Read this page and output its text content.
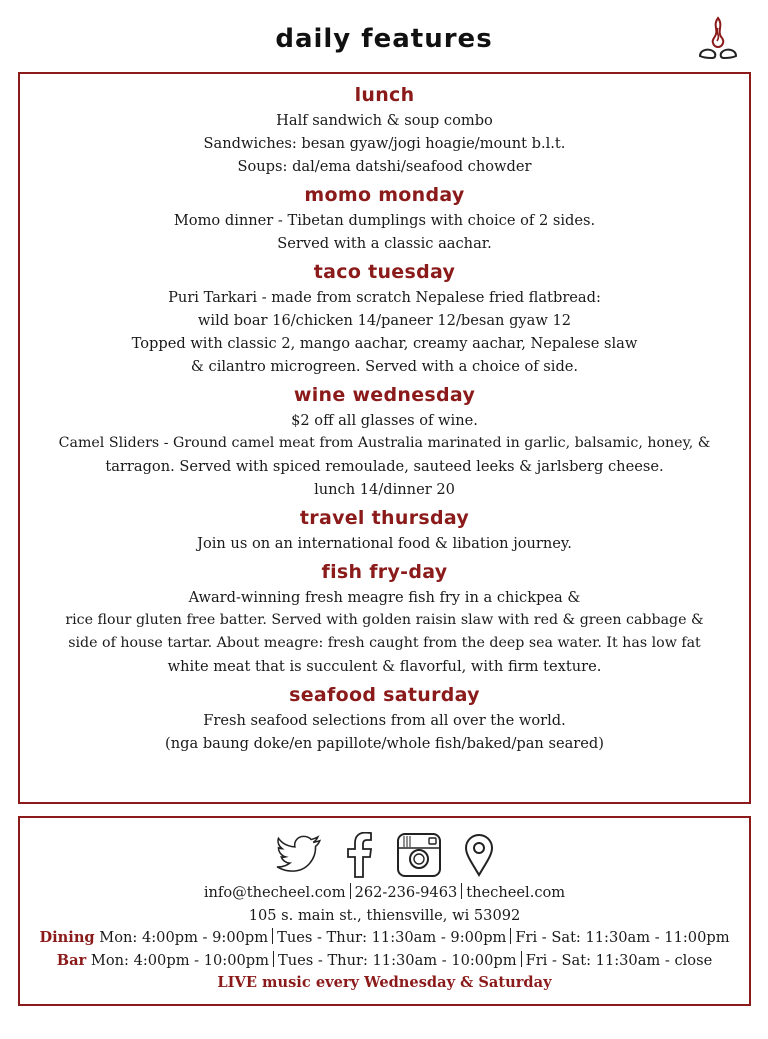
daily features
lunch
Half sandwich & soup combo
Sandwiches: besan gyaw/jogi hoagie/mount b.l.t.
Soups: dal/ema datshi/seafood chowder
momo monday
Momo dinner - Tibetan dumplings with choice of 2 sides.
Served with a classic aachar.
taco tuesday
Puri Tarkari - made from scratch Nepalese fried flatbread:
wild boar 16/chicken 14/paneer 12/besan gyaw 12
Topped with classic 2, mango aachar, creamy aachar, Nepalese slaw
& cilantro microgreen. Served with a choice of side.
wine wednesday
$2 off all glasses of wine.
Camel Sliders - Ground camel meat from Australia marinated in garlic, balsamic, honey, &
tarragon. Served with spiced remoulade, sauteed leeks & jarlsberg cheese.
lunch 14/dinner 20
travel thursday
Join us on an international food & libation journey.
fish fry-day
Award-winning fresh meagre fish fry in a chickpea &
rice flour gluten free batter. Served with golden raisin slaw with red & green cabbage &
side of house tartar. About meagre: fresh caught from the deep sea water. It has low fat
white meat that is succulent & flavorful, with firm texture.
seafood saturday
Fresh seafood selections from all over the world.
(nga baung doke/en papillote/whole fish/baked/pan seared)
info@thecheel.com 262-236-9463 thecheel.com
105 s. main st., thiensville, wi 53092
Dining Mon: 4:00pm - 9:00pm Tues - Thur: 11:30am - 9:00pm Fri - Sat: 11:30am - 11:00pm
Bar Mon: 4:00pm - 10:00pm Tues - Thur: 11:30am - 10:00pm Fri - Sat: 11:30am - close
LIVE music every Wednesday & Saturday
